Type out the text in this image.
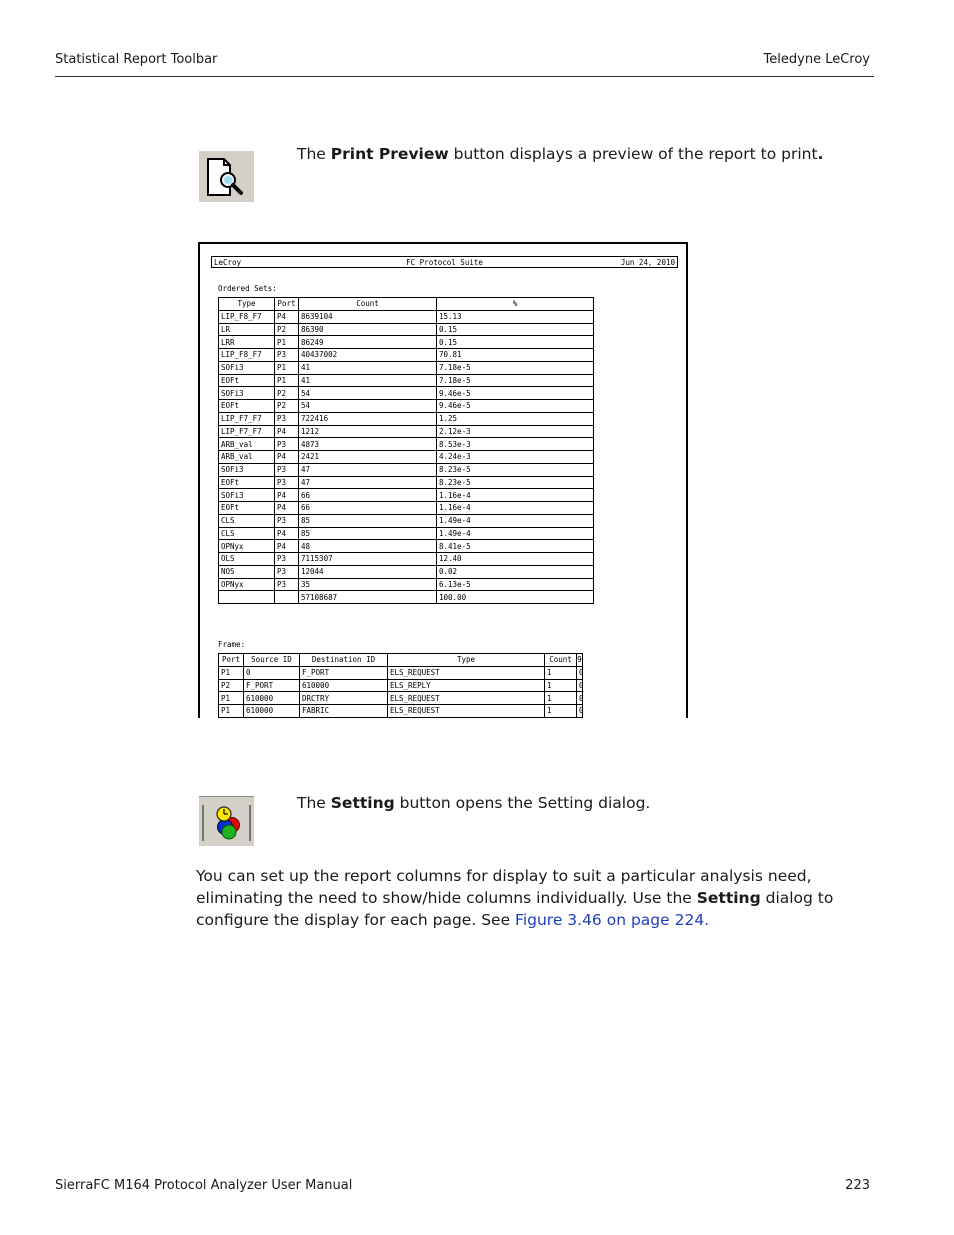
Statistical Report Toolbar	Teledyne LeCroy
The Print Preview button displays a preview of the report to print.
LeCroy	FC Protocol Suite	Jun 24, 2010
Ordered Sets:
Type	Port	Count	%
LIP_F8_F7	P4	8639104	15.13
LR	P2	86390	0.15
LRR	P1	86249	0.15
LIP_F8_F7	P3	40437002	70.81
SOFi3	P1	41	7.18e-5
EOFt	P1	41	7.18e-5
SOFi3	P2	54	9.46e-5
EOFt	P2	54	9.46e-5
LIP_F7_F7	P3	722416	1.25
LIP_F7_F7	P4	1212	2.12e-3
ARB_val	P3	4873	8.53e-3
ARB_val	P4	2421	4.24e-3
SOFi3	P3	47	8.23e-5
EOFt	P3	47	8.23e-5
SOFi3	P4	66	1.16e-4
EOFt	P4	66	1.16e-4
CLS	P3	85	1.49e-4
CLS	P4	85	1.49e-4
OPNyx	P4	48	8.41e-5
OLS	P3	7115307	12.40
NOS	P3	12044	0.02
OPNyx	P3	35	6.13e-5
		57108687	100.00
Frame:
Port	Source ID	Destination ID	Type	Count	9
P1	0	F_PORT	ELS_REQUEST	1	0
P2	F_PORT	610000	ELS_REPLY	1	0
P1	610000	DRCTRY	ELS_REQUEST	1	0
P1	610000	FABRIC	ELS_REQUEST	1	0
The Setting button opens the Setting dialog.
You can set up the report columns for display to suit a particular analysis need, eliminating the need to show/hide columns individually. Use the Setting dialog to configure the display for each page. See Figure 3.46 on page 224.
SierraFC M164 Protocol Analyzer User Manual	223
